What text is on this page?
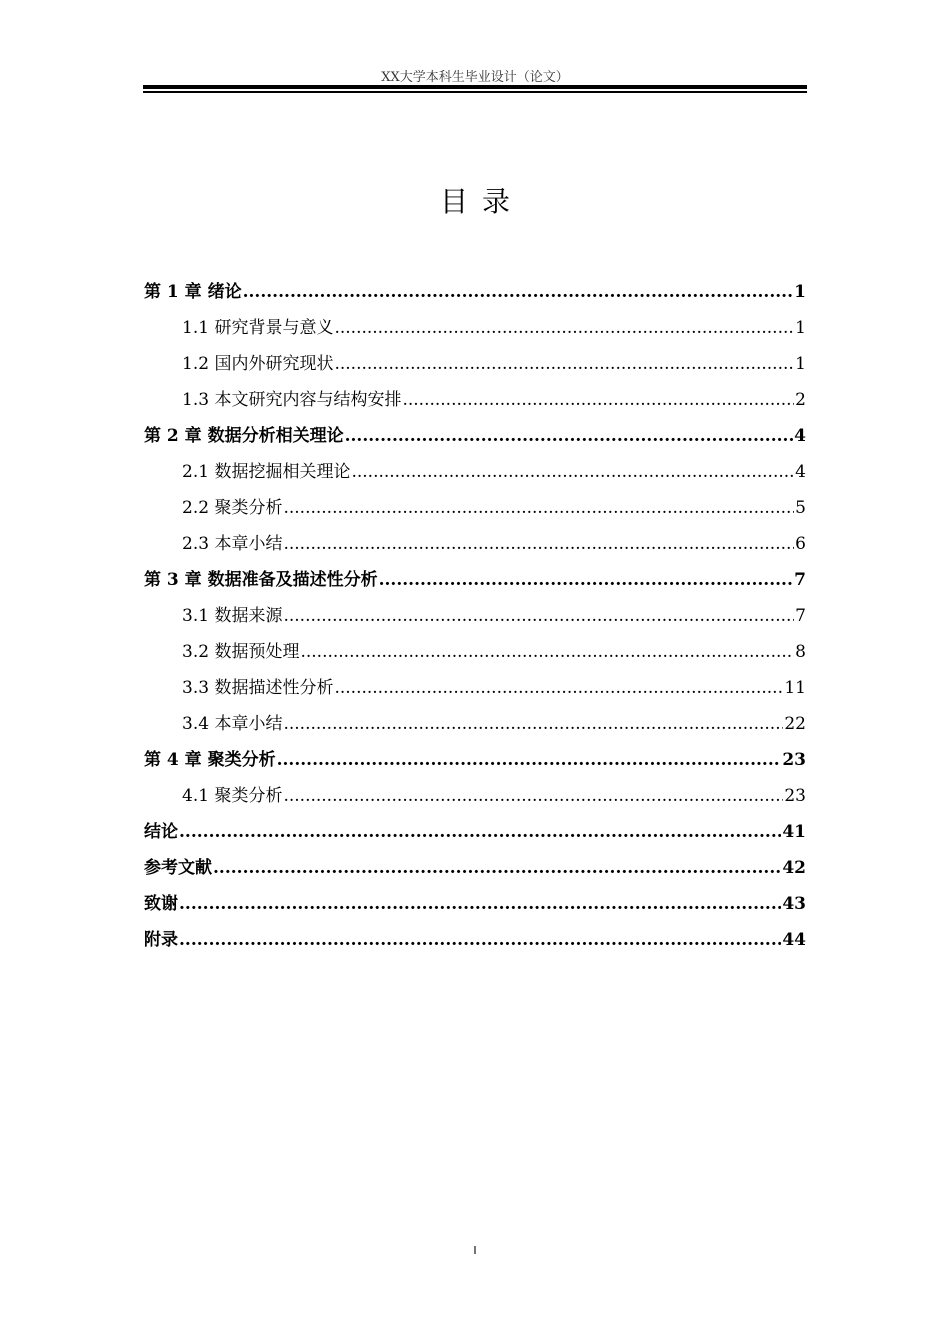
XX大学本科生毕业设计（论文）
目录
第 1 章 绪论 .....	1
1.1 研究背景与意义 .....	1
1.2 国内外研究现状 .....	1
1.3 本文研究内容与结构安排 .....	2
第 2 章 数据分析相关理论 .....	4
2.1 数据挖掘相关理论 .....	4
2.2 聚类分析 .....	5
2.3 本章小结 .....	6
第 3 章 数据准备及描述性分析 .....	7
3.1 数据来源 .....	7
3.2 数据预处理 .....	8
3.3 数据描述性分析 .....	11
3.4 本章小结 .....	22
第 4 章 聚类分析 .....	23
4.1 聚类分析 .....	23
结论 .....	41
参考文献 .....	42
致谢 .....	43
附录 .....	44
I
